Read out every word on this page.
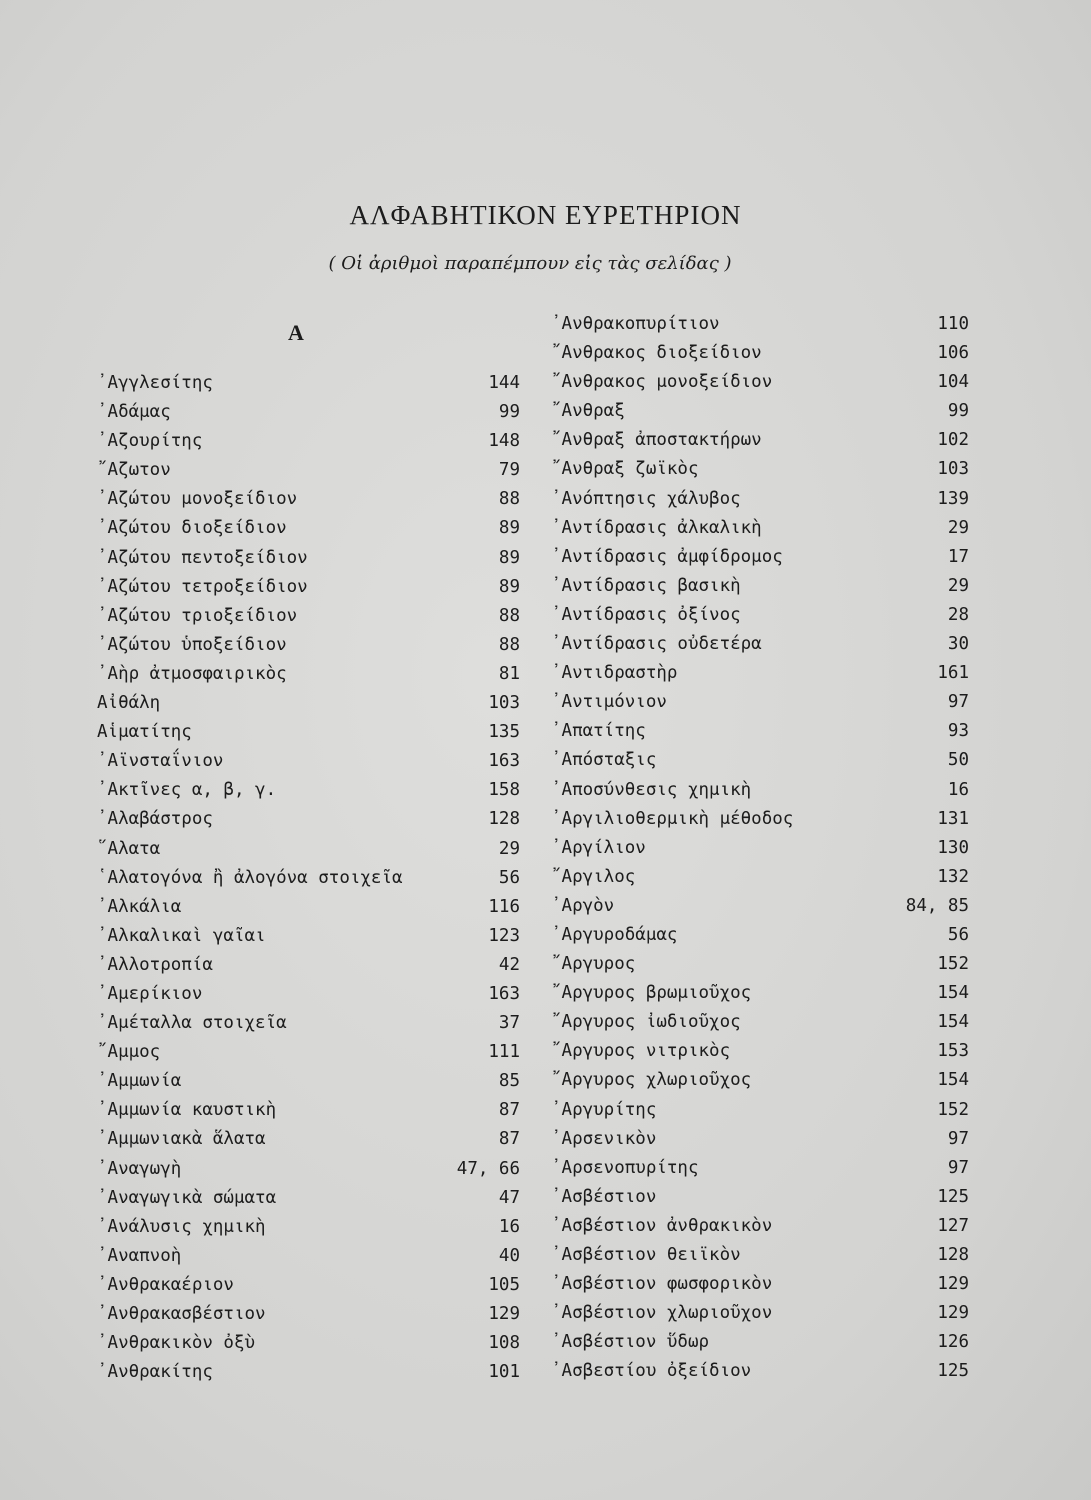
ΑΛΦΑΒΗΤΙΚΟΝ ΕΥΡΕΤΗΡΙΟΝ
( Οἱ ἀριθμοὶ παραπέμπουν εἰς τὰς σελίδας )
Α
᾿Αγγλεσίτης	144
᾿Αδάμας	99
᾿Αζουρίτης	148
῎Αζωτον	79
᾿Αζώτου μονοξείδιον	88
᾿Αζώτου διοξείδιον	89
᾿Αζώτου πεντοξείδιον	89
᾿Αζώτου τετροξείδιον	89
᾿Αζώτου τριοξείδιον	88
᾿Αζώτου ὑποξείδιον	88
᾿Αὴρ ἀτμοσφαιρικὸς	81
Αἰθάλη	103
Αἱματίτης	135
᾿Αϊνσταΐνιον	163
᾿Ακτῖνες α, β, γ.	158
᾿Αλαβάστρος	128
῞Αλατα	29
῾Αλατογόνα ἢ ἀλογόνα στοιχεῖα	56
᾿Αλκάλια	116
᾿Αλκαλικαὶ γαῖαι	123
᾿Αλλοτροπία	42
᾿Αμερίκιον	163
᾿Αμέταλλα στοιχεῖα	37
῎Αμμος	111
᾿Αμμωνία	85
᾿Αμμωνία καυστικὴ	87
᾿Αμμωνιακὰ ἅλατα	87
᾿Αναγωγὴ	47, 66
᾿Αναγωγικὰ σώματα	47
᾿Ανάλυσις χημικὴ	16
᾿Αναπνοὴ	40
᾿Ανθρακαέριον	105
᾿Ανθρακασβέστιον	129
᾿Ανθρακικὸν ὀξὺ	108
᾿Ανθρακίτης	101
᾿Ανθρακοπυρίτιον	110
῎Ανθρακος διοξείδιον	106
῎Ανθρακος μονοξείδιον	104
῎Ανθραξ	99
῎Ανθραξ ἀποστακτήρων	102
῎Ανθραξ ζωϊκὸς	103
᾿Ανόπτησις χάλυβος	139
᾿Αντίδρασις ἀλκαλικὴ	29
᾿Αντίδρασις ἀμφίδρομος	17
᾿Αντίδρασις βασικὴ	29
᾿Αντίδρασις ὀξίνος	28
᾿Αντίδρασις οὐδετέρα	30
᾿Αντιδραστὴρ	161
᾿Αντιμόνιον	97
᾿Απατίτης	93
᾿Απόσταξις	50
᾿Αποσύνθεσις χημικὴ	16
᾿Αργιλιοθερμικὴ μέθοδος	131
᾿Αργίλιον	130
῎Αργιλος	132
᾿Αργὸν	84, 85
᾿Αργυροδάμας	56
῎Αργυρος	152
῎Αργυρος βρωμιοῦχος	154
῎Αργυρος ἰωδιοῦχος	154
῎Αργυρος νιτρικὸς	153
῎Αργυρος χλωριοῦχος	154
᾿Αργυρίτης	152
᾿Αρσενικὸν	97
᾿Αρσενοπυρίτης	97
᾿Ασβέστιον	125
᾿Ασβέστιον ἀνθρακικὸν	127
᾿Ασβέστιον θειϊκὸν	128
᾿Ασβέστιον φωσφορικὸν	129
᾿Ασβέστιον χλωριοῦχον	129
᾿Ασβέστιον ὕδωρ	126
᾿Ασβεστίου ὀξείδιον	125
